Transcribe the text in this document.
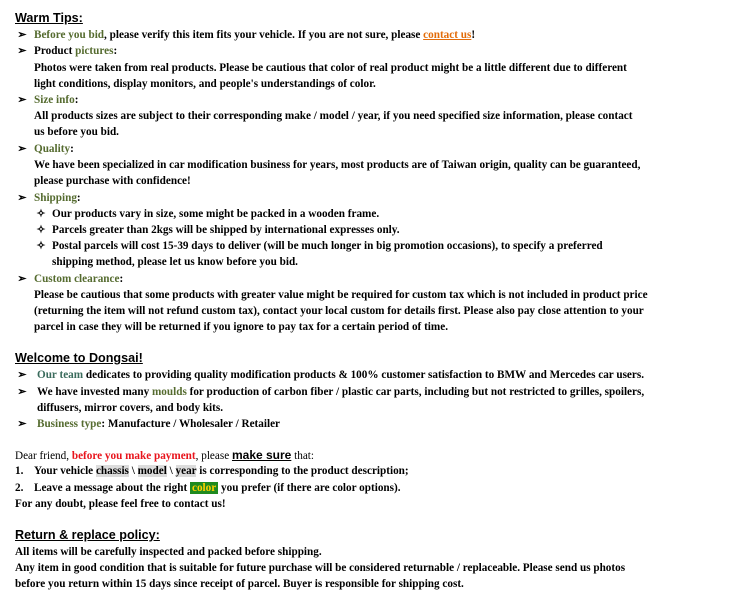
Warm Tips:
➢ Before you bid, please verify this item fits your vehicle. If you are not sure, please contact us!
➢ Product pictures:
Photos were taken from real products. Please be cautious that color of real product might be a little different due to different
light conditions, display monitors, and people's understandings of color.
➢ Size info:
All products sizes are subject to their corresponding make / model / year, if you need specified size information, please contact
us before you bid.
➢ Quality:
We have been specialized in car modification business for years, most products are of Taiwan origin, quality can be guaranteed,
please purchase with confidence!
➢ Shipping:
✧ Our products vary in size, some might be packed in a wooden frame.
✧ Parcels greater than 2kgs will be shipped by international expresses only.
✧ Postal parcels will cost 15-39 days to deliver (will be much longer in big promotion occasions), to specify a preferred
shipping method, please let us know before you bid.
➢ Custom clearance:
Please be cautious that some products with greater value might be required for custom tax which is not included in product price
(returning the item will not refund custom tax), contact your local custom for details first. Please also pay close attention to your
parcel in case they will be returned if you ignore to pay tax for a certain period of time.
Welcome to Dongsai!
➢ Our team dedicates to providing quality modification products & 100% customer satisfaction to BMW and Mercedes car users.
➢ We have invested many moulds for production of carbon fiber / plastic car parts, including but not restricted to grilles, spoilers,
diffusers, mirror covers, and body kits.
➢ Business type: Manufacture / Wholesaler / Retailer
Dear friend, before you make payment, please make sure that:
1. Your vehicle chassis \ model \ year is corresponding to the product description;
2. Leave a message about the right color you prefer (if there are color options).
For any doubt, please feel free to contact us!
Return & replace policy:
All items will be carefully inspected and packed before shipping.
Any item in good condition that is suitable for future purchase will be considered returnable / replaceable. Please send us photos
before you return within 15 days since receipt of parcel. Buyer is responsible for shipping cost.
